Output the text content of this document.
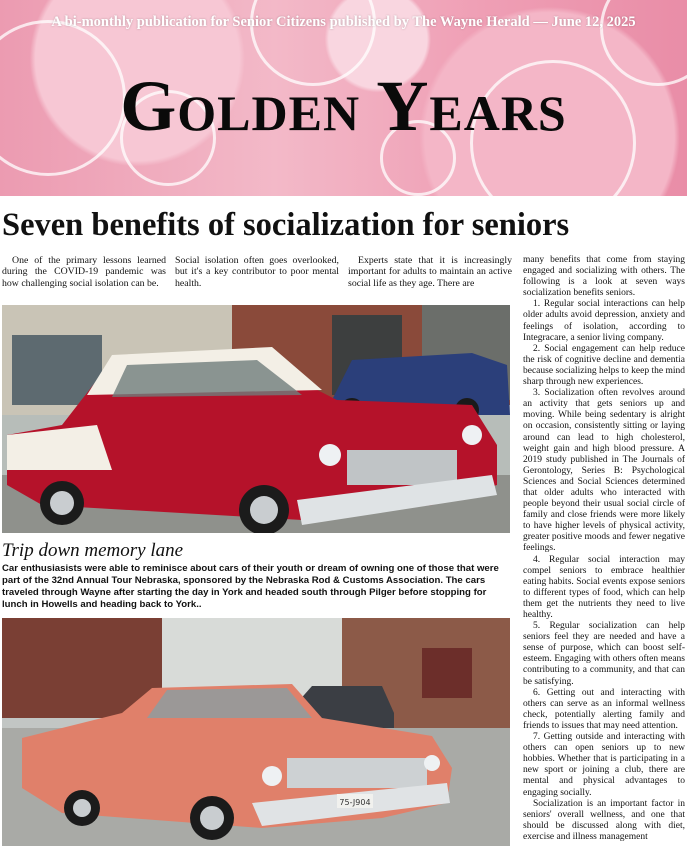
A bi-monthly publication for Senior Citizens published by The Wayne Herald — June 12, 2025
Golden Years
Seven benefits of socialization for seniors

One of the primary lessons learned during the COVID-19 pandemic was how challenging social isolation can be.

Social isolation often goes overlooked, but it's a key contributor to poor mental health.

Experts state that it is increasingly important for adults to maintain an active social life as they age. There are

many benefits that come from staying engaged and socializing with others. The following is a look at seven ways socialization benefits seniors.

1. Regular social interactions can help older adults avoid depression, anxiety and feelings of isolation, according to Integracare, a senior living company.

2. Social engagement can help reduce the risk of cognitive decline and dementia because socializing helps to keep the mind sharp through new experiences.

3. Socialization often revolves around an activity that gets seniors up and moving. While being sedentary is alright on occasion, consistently sitting or laying around can lead to high cholesterol, weight gain and high blood pressure. A 2019 study published in The Journals of Gerontology, Series B: Psychological Sciences and Social Sciences determined that older adults who interacted with people beyond their usual social circle of family and close friends were more likely to have higher levels of physical activity, greater positive moods and fewer negative feelings.

4. Regular social interaction may compel seniors to embrace healthier eating habits. Social events expose seniors to different types of food, which can help them get the nutrients they need to live healthy.

5. Regular socialization can help seniors feel they are needed and have a sense of purpose, which can boost self-esteem. Engaging with others often means contributing to a community, and that can be satisfying.

6. Getting out and interacting with others can serve as an informal wellness check, potentially alerting family and friends to issues that may need attention.

7. Getting outside and interacting with others can open seniors up to new hobbies. Whether that is participating in a new sport or joining a club, there are mental and physical advantages to engaging socially.

Socialization is an important factor in seniors' overall wellness, and one that should be discussed along with diet, exercise and illness management

Trip down memory lane
Car enthusiasists were able to reminisce about cars of their youth or dream of owning one of those that were part of the 32nd Annual Tour Nebraska, sponsored by the Nebraska Rod & Customs Association. The cars traveled through Wayne after starting the day in York and headed south through Pilger before stopping for lunch in Howells and heading back to York..
75-J904
